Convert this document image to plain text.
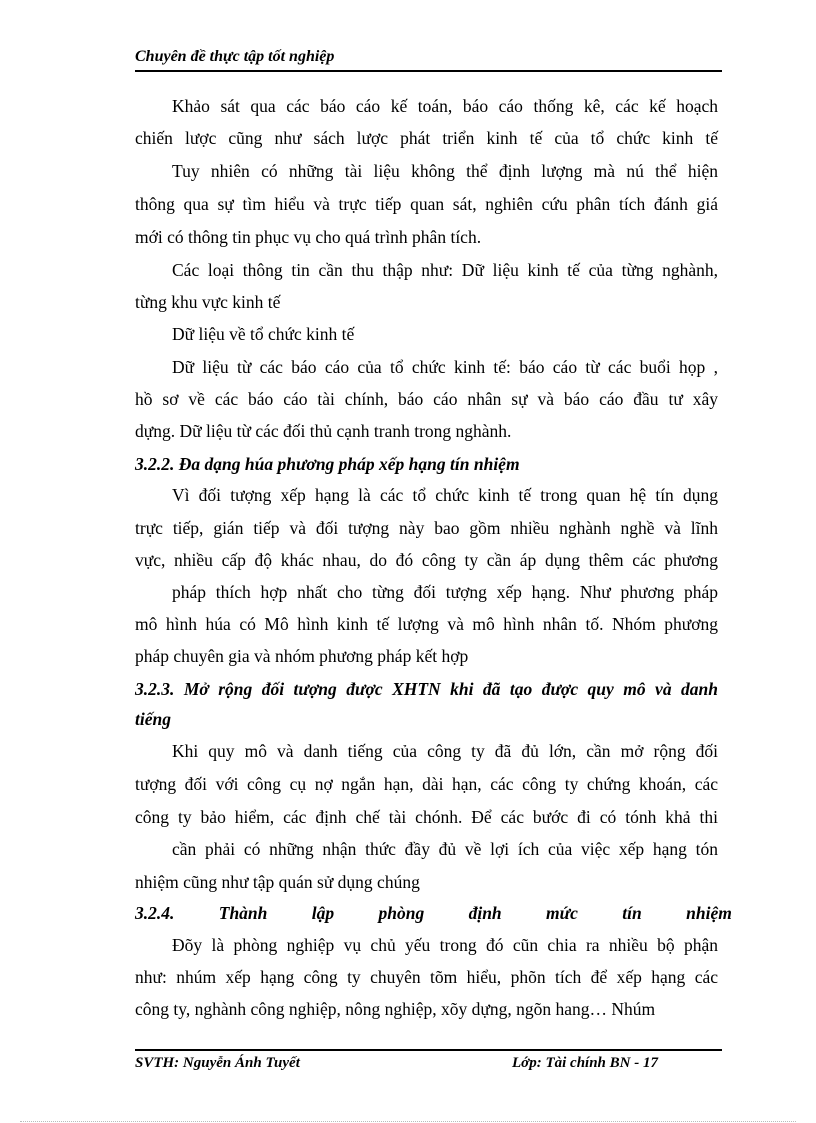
Chuyên đề thực tập tốt nghiệp
Khảo sát qua các báo cáo kế toán, báo cáo thống kê, các kế hoạch
chiến lược cũng như sách lược phát triển kinh tế của tổ chức kinh tế
Tuy nhiên có những tài liệu không thể định lượng mà nú thể hiện
thông qua sự tìm hiểu và trực tiếp quan sát, nghiên cứu phân tích đánh giá
mới có thông tin phục vụ cho quá trình phân tích.
Các loại thông tin cần thu thập như: Dữ liệu kinh tế của từng nghành,
từng khu vực kinh tế
Dữ liệu về tổ chức kinh tế
Dữ liệu từ các báo cáo của tổ chức kinh tế: báo cáo từ các buổi họp ,
hồ sơ về các báo cáo tài chính, báo cáo nhân sự và báo cáo đầu tư xây
dựng. Dữ liệu từ các đối thủ cạnh tranh trong nghành.
3.2.2. Đa dạng húa phương pháp xếp hạng tín nhiệm
Vì đối tượng xếp hạng là các tổ chức kinh tế trong quan hệ tín dụng
trực tiếp, gián tiếp và đối tượng này bao gồm nhiều nghành nghề và lĩnh
vực, nhiều cấp độ khác nhau, do đó công ty cần áp dụng thêm các phương
pháp thích hợp nhất cho từng đối tượng xếp hạng. Như phương pháp
mô hình húa có Mô hình kinh tế lượng và mô hình nhân tố. Nhóm phương
pháp chuyên gia và nhóm phương pháp kết hợp
3.2.3. Mở rộng đối tượng được XHTN khi đã tạo được quy mô và danh
tiếng
Khi quy mô và danh tiếng của công ty đã đủ lớn, cần mở rộng đối
tượng đối với công cụ nợ ngắn hạn, dài hạn, các công ty chứng khoán, các
công ty bảo hiểm, các định chế tài chónh. Để các bước đi có tónh khả thi
cần phải có những nhận thức đầy đủ về lợi ích của việc xếp hạng tón
nhiệm cũng như tập quán sử dụng chúng
3.2.4. Thành lập phòng định mức tín nhiệm
Đõy là phòng nghiệp vụ chủ yếu trong đó cũn chia ra nhiều bộ phận
như: nhúm xếp hạng công ty chuyên tõm hiểu, phõn tích để xếp hạng các
công ty, nghành công nghiệp, nông nghiệp, xõy dựng, ngõn hang… Nhúm
SVTH: Nguyễn Ánh Tuyết	Lớp: Tài chính BN - 17
